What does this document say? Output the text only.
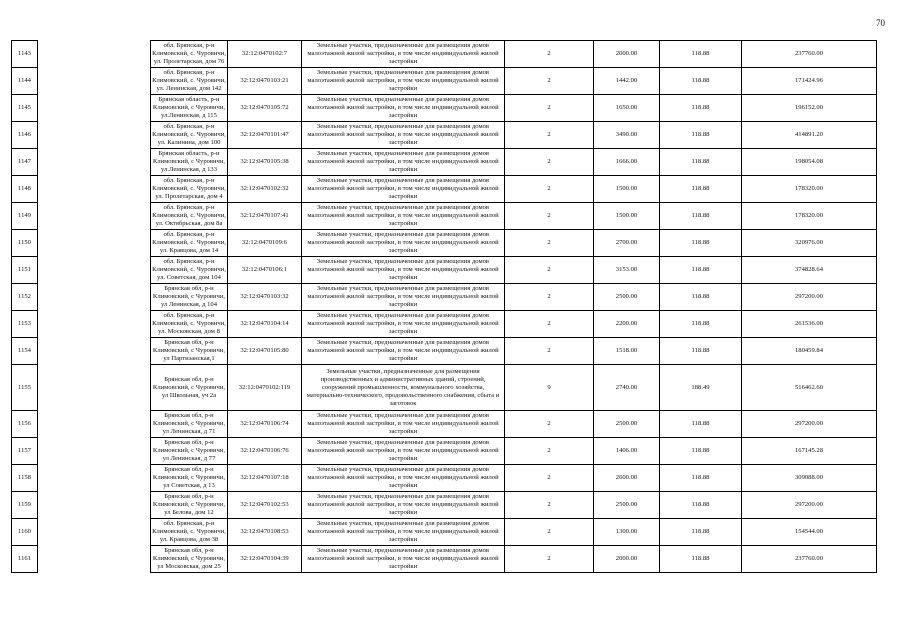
70
1143		обл. Брянская, р-н Климовский, с. Чуровичи, ул. Пролетарская, дом 76	32:12:0470102:7	Земельные участки, предназначенные для размещения домов малоэтажной жилой застройки, в том числе индивидуальной жилой застройки	2	2000.00	118.88	237760.00
1144		обл. Брянская, р-н Климовский, с. Чуровичи, ул. Ленинская, дом 142	32:12:0470103:21	Земельные участки, предназначенные для размещения домов малоэтажной жилой застройки, в том числе индивидуальной жилой застройки	2	1442.00	118.88	171424.96
1145		Брянская область, р-н Климовский, с Чуровичи, ул.Ленинская, д 115	32:12:0470105:72	Земельные участки, предназначенные для размещения домов малоэтажной жилой застройки, в том числе индивидуальной жилой застройки	2	1650.00	118.88	196152.00
1146		обл. Брянская, р-н Климовский, с. Чуровичи, ул. Калинина, дом 100	32:12:0470101:47	Земельные участки, предназначенные для размещения домов малоэтажной жилой застройки, в том числе индивидуальной жилой застройки	2	3490.00	118.88	414891.20
1147		Брянская область, р-н Климовский, с Чуровичи, ул.Ленинская, д 133	32:12:0470105:38	Земельные участки, предназначенные для размещения домов малоэтажной жилой застройки, в том числе индивидуальной жилой застройки	2	1666.00	118.88	198054.08
1148		обл. Брянская, р-н Климовский, с. Чуровичи, ул. Пролетарская, дом 4	32:12:0470102:32	Земельные участки, предназначенные для размещения домов малоэтажной жилой застройки, в том числе индивидуальной жилой застройки	2	1500.00	118.88	178320.00
1149		обл. Брянская, р-н Климовский, с. Чуровичи, ул. Октябрьская, дом 8а	32:12:0470107:41	Земельные участки, предназначенные для размещения домов малоэтажной жилой застройки, в том числе индивидуальной жилой застройки	2	1500.00	118.88	178320.00
1150		обл. Брянская, р-н Климовский, с. Чуровичи, ул. Кравцова, дом 14	32:12:0470109:6	Земельные участки, предназначенные для размещения домов малоэтажной жилой застройки, в том числе индивидуальной жилой застройки	2	2700.00	118.88	320976.00
1151		обл. Брянская, р-н Климовский, с. Чуровичи, ул. Советская, дом 104	32:12:0470106:1	Земельные участки, предназначенные для размещения домов малоэтажной жилой застройки, в том числе индивидуальной жилой застройки	2	3153.00	118.88	374828.64
1152		Брянская обл, р-н Климовский, с Чуровичи, ул Ленинская, д 104	32:12:0470103:32	Земельные участки, предназначенные для размещения домов малоэтажной жилой застройки, в том числе индивидуальной жилой застройки	2	2500.00	118.88	297200.00
1153		обл. Брянская, р-н Климовский, с. Чуровичи, ул. Московская, дом 8	32:12:0470104:14	Земельные участки, предназначенные для размещения домов малоэтажной жилой застройки, в том числе индивидуальной жилой застройки	2	2200.00	118.88	261536.00
1154		Брянская обл, р-н Климовский, с Чуровичи, ул Партизанская,1	32:12:0470105:80	Земельные участки, предназначенные для размещения домов малоэтажной жилой застройки, в том числе индивидуальной жилой застройки	2	1518.00	118.88	180459.84
1155		Брянская обл, р-н Климовский, с Чуровичи, ул Школьная, уч 2а	32:12:0470102:119	Земельные участки, предназначенные для размещения производственных и административных зданий, строений, сооружений промышленности, коммунального хозяйства, материально-технического, продовольственного снабжения, сбыта и заготовок	9	2740.00	188.49	516462.60
1156		Брянская обл, р-н Климовский, с Чуровичи, ул Ленинская, д 71	32:12:0470106:74	Земельные участки, предназначенные для размещения домов малоэтажной жилой застройки, в том числе индивидуальной жилой застройки	2	2500.00	118.88	297200.00
1157		Брянская обл, р-н Климовский, с Чуровичи, ул Ленинская, д 77	32:12:0470106:76	Земельные участки, предназначенные для размещения домов малоэтажной жилой застройки, в том числе индивидуальной жилой застройки	2	1406.00	118.88	167145.28
1158		Брянская обл, р-н Климовский, с Чуровичи, ул Советская, д 13	32:12:0470107:18	Земельные участки, предназначенные для размещения домов малоэтажной жилой застройки, в том числе индивидуальной жилой застройки	2	2600.00	118.88	309088.00
1159		Брянская обл, р-н Климовский, с Чуровичи, ул Белова, дом 12	32:12:0470102:53	Земельные участки, предназначенные для размещения домов малоэтажной жилой застройки, в том числе индивидуальной жилой застройки	2	2500.00	118.88	297200.00
1160		обл. Брянская, р-н Климовский, с. Чуровичи, ул. Кравцова, дом 38	32:12:0470108:53	Земельные участки, предназначенные для размещения домов малоэтажной жилой застройки, в том числе индивидуальной жилой застройки	2	1300.00	118.88	154544.00
1161		Брянская обл, р-н Климовский, с Чуровичи, ул Московская, дом 25	32:12:0470104:39	Земельные участки, предназначенные для размещения домов малоэтажной жилой застройки, в том числе индивидуальной жилой застройки	2	2000.00	118.88	237760.00
